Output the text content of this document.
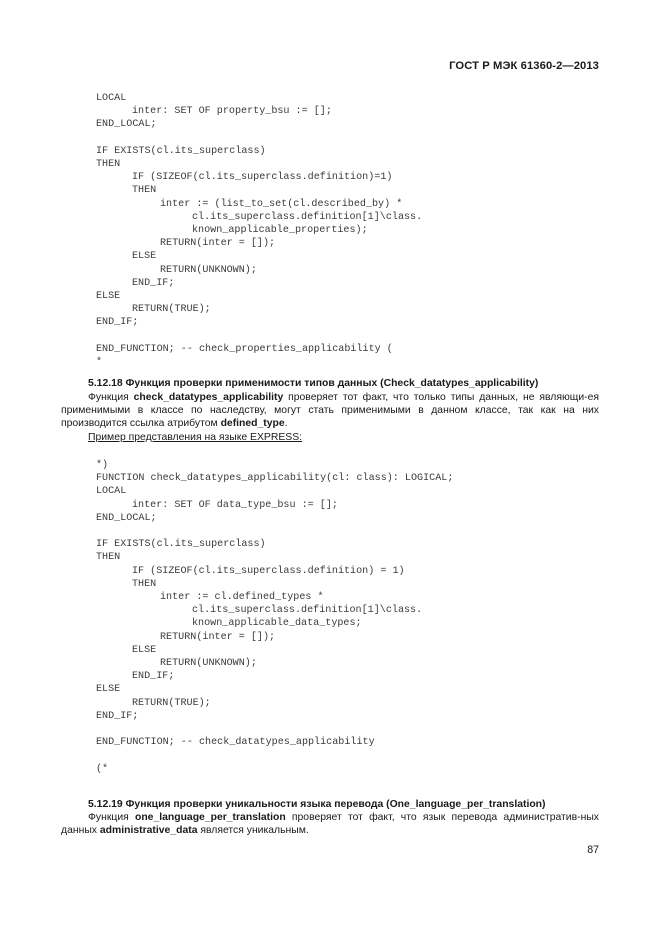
ГОСТ Р МЭК 61360-2—2013
LOCAL
inter: SET OF property_bsu := [];
END_LOCAL;
IF EXISTS(cl.its_superclass)
THEN
IF (SIZEOF(cl.its_superclass.definition)=1)
THEN
inter := (list_to_set(cl.described_by) *
cl.its_superclass.definition[1]\class.
known_applicable_properties);
RETURN(inter = []);
ELSE
RETURN(UNKNOWN);
END_IF;
ELSE
RETURN(TRUE);
END_IF;
END_FUNCTION; -- check_properties_applicability (
*
5.12.18 Функция проверки применимости типов данных (Check_datatypes_applicability)
Функция check_datatypes_applicability проверяет тот факт, что только типы данных, не являющи-ея применимыми в классе по наследству, могут стать применимыми в данном классе, так как на них производится ссылка атрибутом defined_type.
Пример представления на языке EXPRESS:
*)
FUNCTION check_datatypes_applicability(cl: class): LOGICAL;
LOCAL
inter: SET OF data_type_bsu := [];
END_LOCAL;
IF EXISTS(cl.its_superclass)
THEN
IF (SIZEOF(cl.its_superclass.definition) = 1)
THEN
inter := cl.defined_types *
cl.its_superclass.definition[1]\class.
known_applicable_data_types;
RETURN(inter = []);
ELSE
RETURN(UNKNOWN);
END_IF;
ELSE
RETURN(TRUE);
END_IF;
END_FUNCTION; -- check_datatypes_applicability
(*
5.12.19 Функция проверки уникальности языка перевода (One_language_per_translation)
Функция one_language_per_translation проверяет тот факт, что язык перевода административ-ных данных administrative_data является уникальным.
87
